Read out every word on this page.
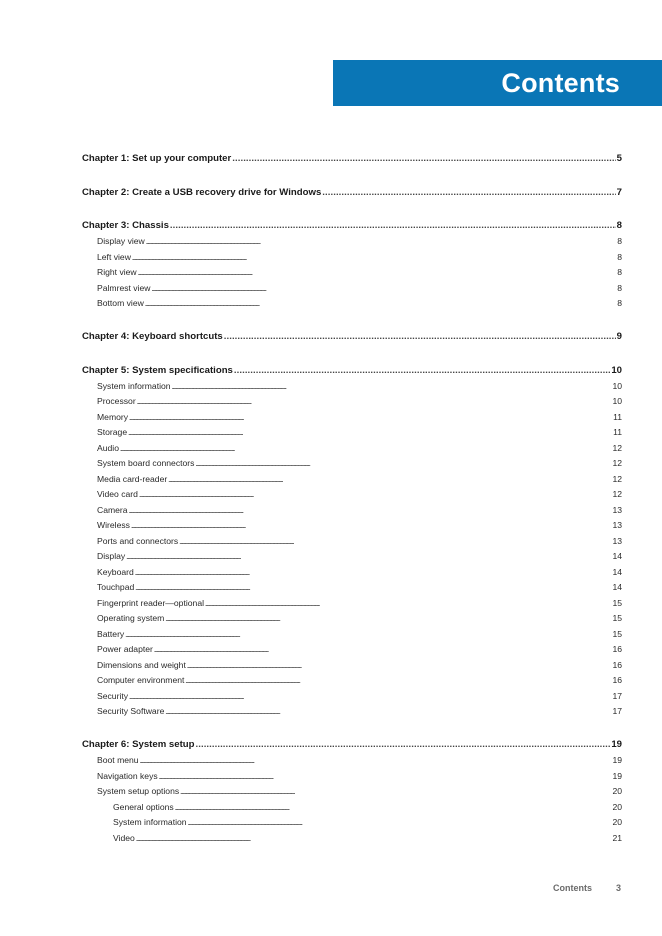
Contents
Chapter 1: Set up your computer . . .	5
Chapter 2: Create a USB recovery drive for Windows . . .	7
Chapter 3: Chassis . . .	8
Display view . . .	8
Left view . . .	8
Right view . . .	8
Palmrest view . . .	8
Bottom view . . .	8
Chapter 4: Keyboard shortcuts . . .	9
Chapter 5: System specifications . . .	10
System information . . .	10
Processor . . .	10
Memory . . .	11
Storage . . .	11
Audio . . .	12
System board connectors . . .	12
Media card-reader . . .	12
Video card . . .	12
Camera . . .	13
Wireless . . .	13
Ports and connectors . . .	13
Display . . .	14
Keyboard . . .	14
Touchpad . . .	14
Fingerprint reader—optional . . .	15
Operating system . . .	15
Battery . . .	15
Power adapter . . .	16
Dimensions and weight . . .	16
Computer environment . . .	16
Security . . .	17
Security Software . . .	17
Chapter 6: System setup . . .	19
Boot menu . . .	19
Navigation keys . . .	19
System setup options . . .	20
General options . . .	20
System information . . .	20
Video . . .	21
Contents	3
